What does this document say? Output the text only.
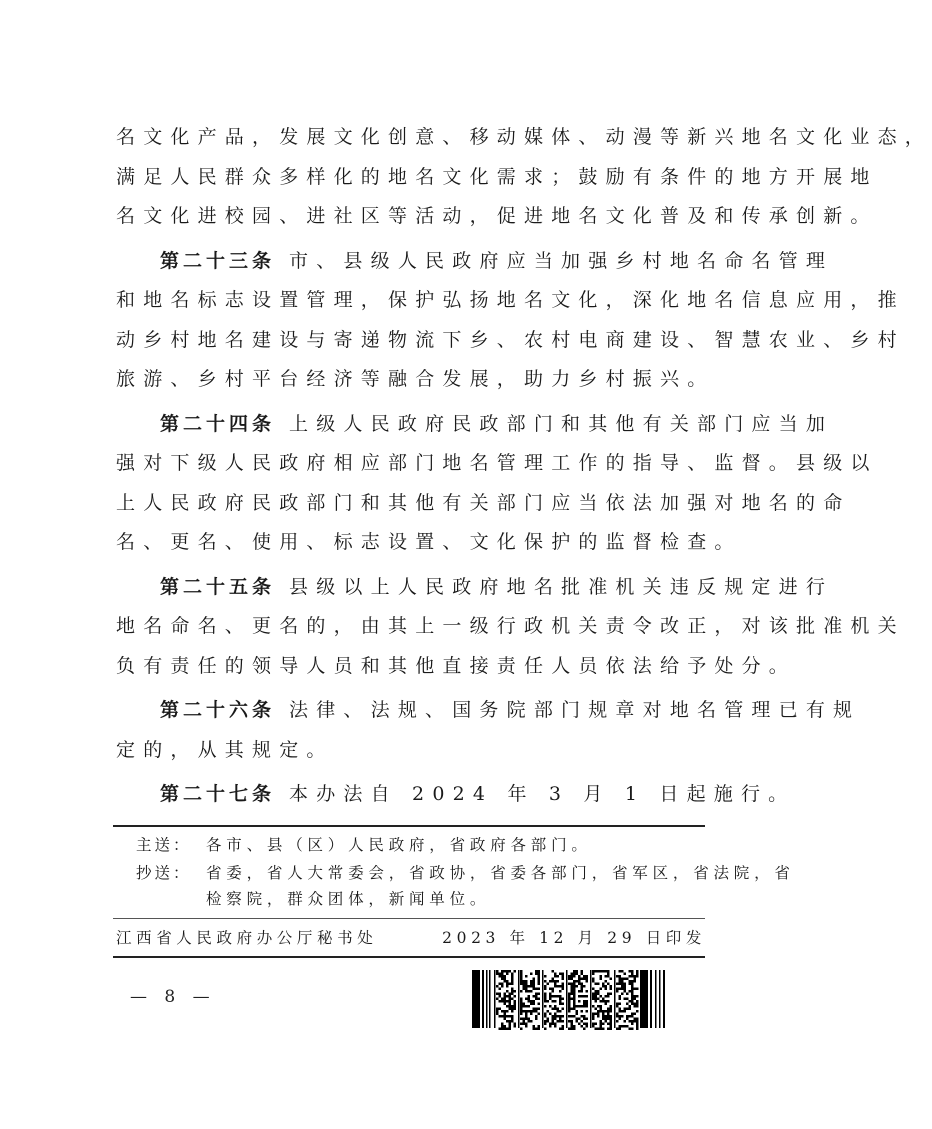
名文化产品，发展文化创意、移动媒体、动漫等新兴地名文化业态，
满足人民群众多样化的地名文化需求；鼓励有条件的地方开展地
名文化进校园、进社区等活动，促进地名文化普及和传承创新。
第二十三条 市、县级人民政府应当加强乡村地名命名管理
和地名标志设置管理，保护弘扬地名文化，深化地名信息应用，推
动乡村地名建设与寄递物流下乡、农村电商建设、智慧农业、乡村
旅游、乡村平台经济等融合发展，助力乡村振兴。
第二十四条 上级人民政府民政部门和其他有关部门应当加
强对下级人民政府相应部门地名管理工作的指导、监督。县级以
上人民政府民政部门和其他有关部门应当依法加强对地名的命
名、更名、使用、标志设置、文化保护的监督检查。
第二十五条 县级以上人民政府地名批准机关违反规定进行
地名命名、更名的，由其上一级行政机关责令改正，对该批准机关
负有责任的领导人员和其他直接责任人员依法给予处分。
第二十六条 法律、法规、国务院部门规章对地名管理已有规
定的，从其规定。
第二十七条 本办法自 2024 年 3 月 1 日起施行。
主送： 各市、县（区）人民政府，省政府各部门。
抄送： 省委，省人大常委会，省政协，省委各部门，省军区，省法院，省
检察院，群众团体，新闻单位。
江西省人民政府办公厅秘书处	2023 年 12 月 29 日印发
— 8 —
